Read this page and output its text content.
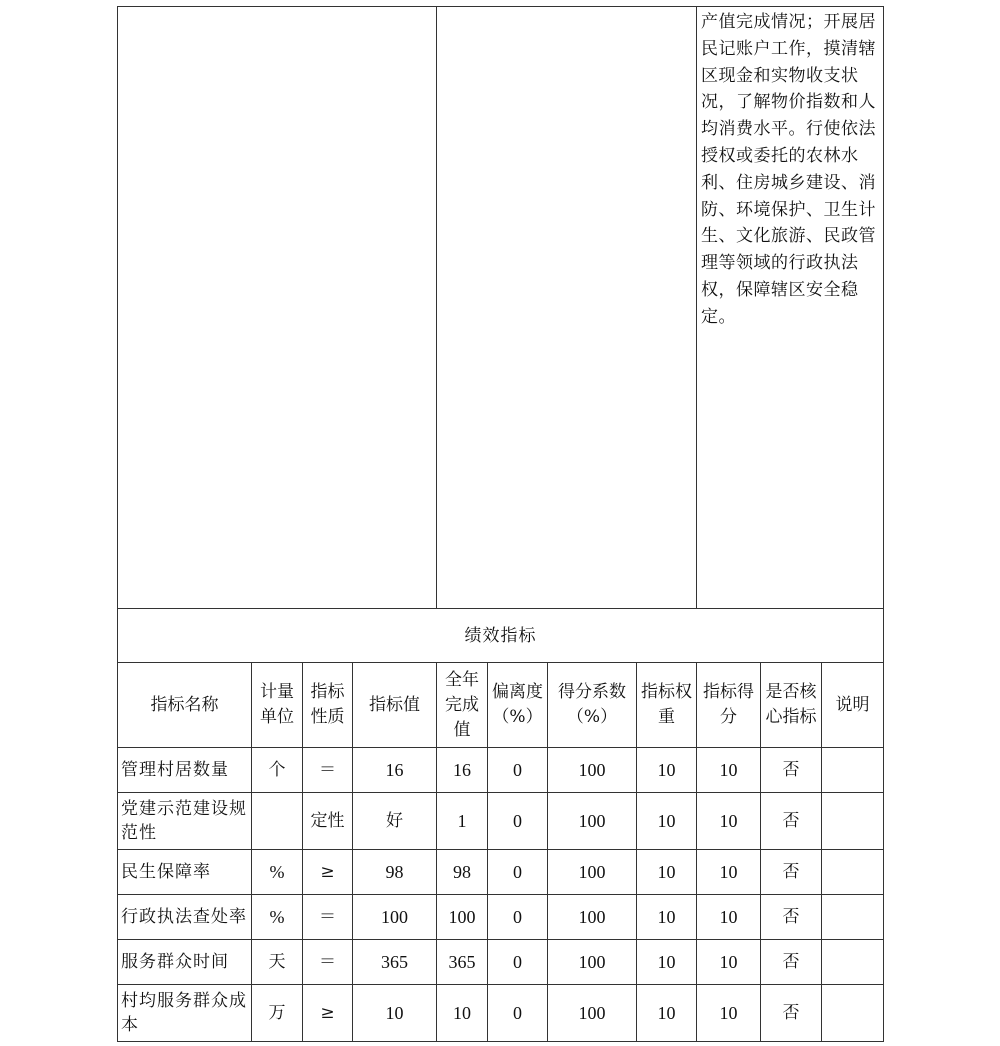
								产值完成情况；开展居民记账户工作，摸清辖区现金和实物收支状况，了解物价指数和人均消费水平。行使依法授权或委托的农林水利、住房城乡建设、消防、环境保护、卫生计生、文化旅游、民政管理等领域的行政执法权，保障辖区安全稳定。		

绩效指标										
指标名称	计量单位	指标性质	指标值	全年完成值	偏离度（%）	得分系数（%）	指标权重	指标得分	是否核心指标	说明
管理村居数量	个	＝	16	16	0	100	10	10	否	
党建示范建设规范性		定性	好	1	0	100	10	10	否	
民生保障率	%	≥	98	98	0	100	10	10	否	
行政执法查处率	%	＝	100	100	0	100	10	10	否	
服务群众时间	天	＝	365	365	0	100	10	10	否	
村均服务群众成本	万	≥	10	10	0	100	10	10	否	
